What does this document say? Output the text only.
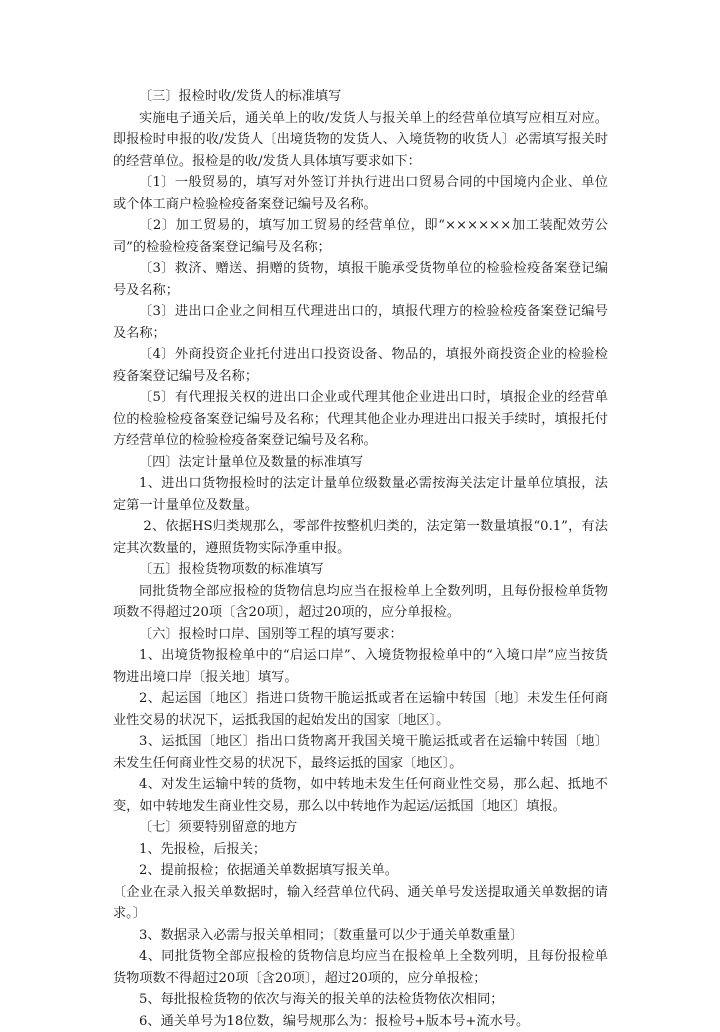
〔三〕报检时收/发货人的标准填写

实施电子通关后，通关单上的收/发货人与报关单上的经营单位填写应相互对应。即报检时申报的收/发货人〔出境货物的发货人、入境货物的收货人〕必需填写报关时的经营单位。报检是的收/发货人具体填写要求如下：

〔1〕一般贸易的，填写对外签订并执行进出口贸易合同的中国境内企业、单位或个体工商户检验检疫备案登记编号及名称。

〔2〕加工贸易的，填写加工贸易的经营单位，即“××××××加工装配效劳公司”的检验检疫备案登记编号及名称；

〔3〕救济、赠送、捐赠的货物，填报干脆承受货物单位的检验检疫备案登记编号及名称；

〔3〕进出口企业之间相互代理进出口的，填报代理方的检验检疫备案登记编号及名称；

〔4〕外商投资企业托付进出口投资设备、物品的，填报外商投资企业的检验检疫备案登记编号及名称；

〔5〕有代理报关权的进出口企业或代理其他企业进出口时，填报企业的经营单位的检验检疫备案登记编号及名称；代理其他企业办理进出口报关手续时，填报托付方经营单位的检验检疫备案登记编号及名称。

〔四〕法定计量单位及数量的标准填写

1、进出口货物报检时的法定计量单位级数量必需按海关法定计量单位填报，法定第一计量单位及数量。

2、依据HS归类规那么，零部件按整机归类的，法定第一数量填报“0.1”，有法定其次数量的，遵照货物实际净重申报。

〔五〕报检货物项数的标准填写

同批货物全部应报检的货物信息均应当在报检单上全数列明，且每份报检单货物项数不得超过20项〔含20项〕，超过20项的，应分单报检。

〔六〕报检时口岸、国别等工程的填写要求：

1、出境货物报检单中的“启运口岸”、入境货物报检单中的“入境口岸”应当按货物进出境口岸〔报关地〕填写。

2、起运国〔地区〕指进口货物干脆运抵或者在运输中转国〔地〕未发生任何商业性交易的状况下，运抵我国的起始发出的国家〔地区〕。

3、运抵国〔地区〕指出口货物离开我国关境干脆运抵或者在运输中转国〔地〕未发生任何商业性交易的状况下，最终运抵的国家〔地区〕。

4、对发生运输中转的货物，如中转地未发生任何商业性交易，那么起、抵地不变，如中转地发生商业性交易，那么以中转地作为起运/运抵国〔地区〕填报。

〔七〕须要特别留意的地方

1、先报检，后报关；

2、提前报检；依据通关单数据填写报关单。

〔企业在录入报关单数据时，输入经营单位代码、通关单号发送提取通关单数据的请求。〕

3、数据录入必需与报关单相同；〔数重量可以少于通关单数重量〕

4、同批货物全部应报检的货物信息均应当在报检单上全数列明，且每份报检单货物项数不得超过20项〔含20项〕，超过20项的，应分单报检；

5、每批报检货物的依次与海关的报关单的法检货物依次相同；

6、通关单号为18位数，编号规那么为：报检号+版本号+流水号。
